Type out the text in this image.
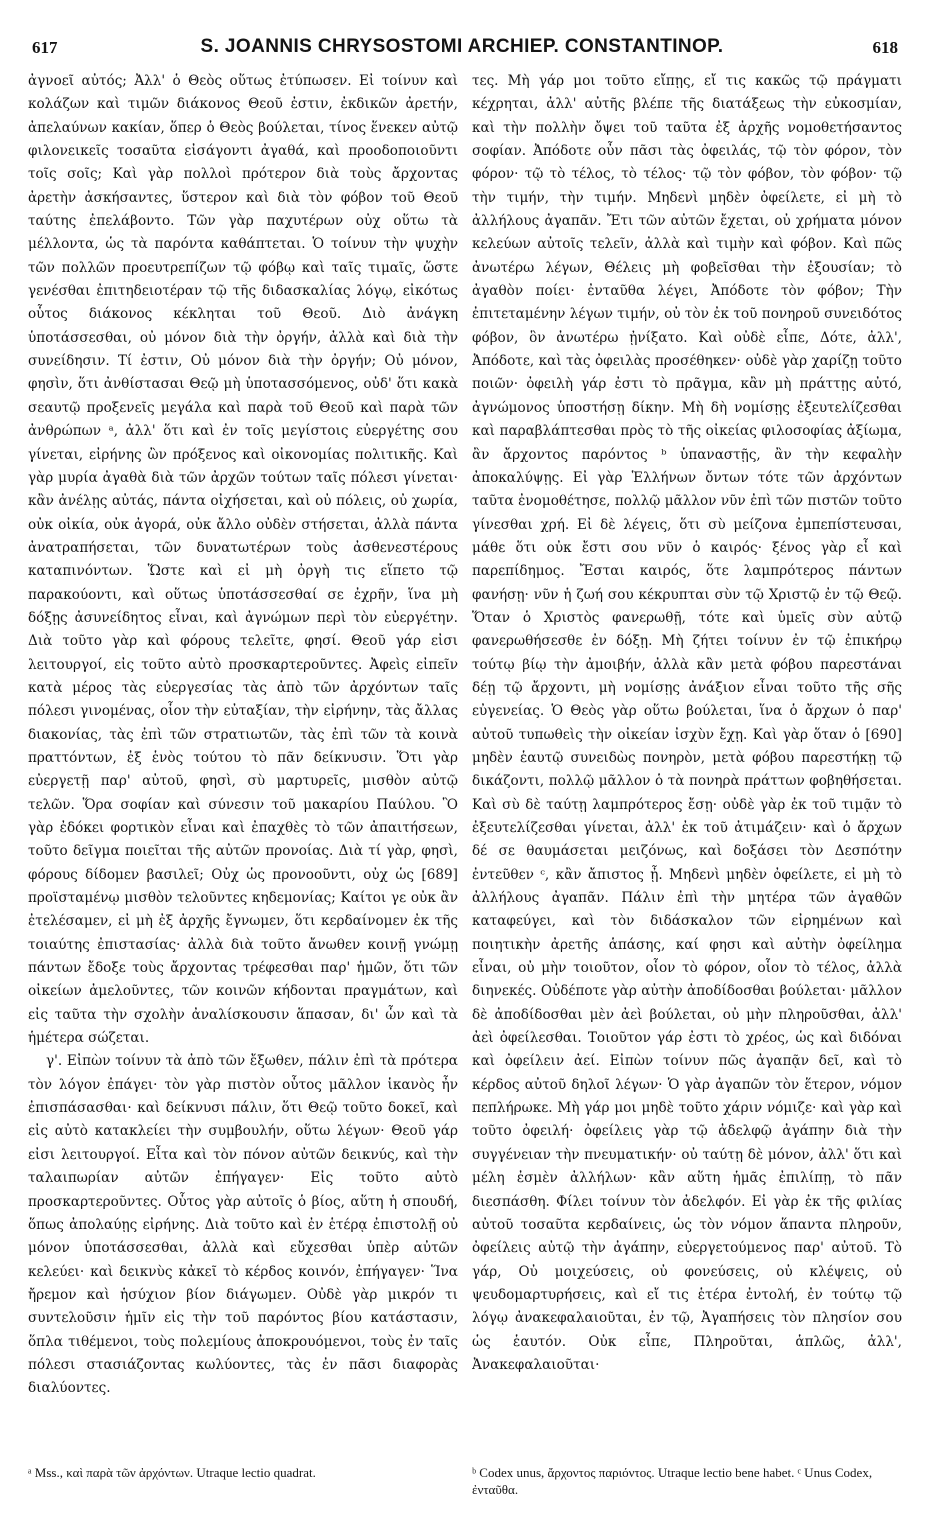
617	S. JOANNIS CHRYSOSTOMI ARCHIEP. CONSTANTINOP.	618

ἀγνοεῖ αὐτός; Ἀλλ' ὁ Θεὸς οὕτως ἐτύπωσεν. Εἰ τοίνυν καὶ κολάζων καὶ τιμῶν διάκονος Θεοῦ ἐστιν, ἐκδικῶν ἀρετήν, ἀπελαύνων κακίαν, ὅπερ ὁ Θεὸς βούλεται, τίνος ἕνεκεν αὐτῷ φιλονεικεῖς τοσαῦτα εἰσάγοντι ἀγαθά, καὶ προοδοποιοῦντι τοῖς σοῖς; Καὶ γὰρ πολλοὶ πρότερον διὰ τοὺς ἄρχοντας ἀρετὴν ἀσκήσαντες, ὕστερον καὶ διὰ τὸν φόβον τοῦ Θεοῦ ταύτης ἐπελάβοντο. Τῶν γὰρ παχυτέρων οὐχ οὕτω τὰ μέλλοντα, ὡς τὰ παρόντα καθάπτεται. Ὁ τοίνυν τὴν ψυχὴν τῶν πολλῶν προευτρεπίζων τῷ φόβῳ καὶ ταῖς τιμαῖς, ὥστε γενέσθαι ἐπιτηδειοτέραν τῷ τῆς διδασκαλίας λόγῳ, εἰκότως οὗτος διάκονος κέκληται τοῦ Θεοῦ. Διὸ ἀνάγκη ὑποτάσσεσθαι, οὐ μόνον διὰ τὴν ὀργήν, ἀλλὰ καὶ διὰ τὴν συνείδησιν. Τί ἐστιν, Οὐ μόνον διὰ τὴν ὀργήν; Οὐ μόνον, φησὶν, ὅτι ἀνθίστασαι Θεῷ μὴ ὑποτασσόμενος, οὐδ' ὅτι κακὰ σεαυτῷ προξενεῖς μεγάλα καὶ παρὰ τοῦ Θεοῦ καὶ παρὰ τῶν ἀνθρώπων ᵃ, ἀλλ' ὅτι καὶ ἐν τοῖς μεγίστοις εὐεργέτης σου γίνεται, εἰρήνης ὢν πρόξενος καὶ οἰκονομίας πολιτικῆς. Καὶ γὰρ μυρία ἀγαθὰ διὰ τῶν ἀρχῶν τούτων ταῖς πόλεσι γίνεται· κἂν ἀνέλῃς αὐτάς, πάντα οἰχήσεται, καὶ οὐ πόλεις, οὐ χωρία, οὐκ οἰκία, οὐκ ἀγορά, οὐκ ἄλλο οὐδὲν στήσεται, ἀλλὰ πάντα ἀνατραπήσεται, τῶν δυνατωτέρων τοὺς ἀσθενεστέρους καταπινόντων. Ὥστε καὶ εἰ μὴ ὀργὴ τις εἵπετο τῷ παρακούοντι, καὶ οὕτως ὑποτάσσεσθαί σε ἐχρῆν, ἵνα μὴ δόξῃς ἀσυνείδητος εἶναι, καὶ ἀγνώμων περὶ τὸν εὐεργέτην. Διὰ τοῦτο γὰρ καὶ φόρους τελεῖτε, φησί. Θεοῦ γάρ εἰσι λειτουργοί, εἰς τοῦτο αὐτὸ προσκαρτεροῦντες. Ἀφεὶς εἰπεῖν κατὰ μέρος τὰς εὐεργεσίας τὰς ἀπὸ τῶν ἀρχόντων ταῖς πόλεσι γινομένας, οἷον τὴν εὐταξίαν, τὴν εἰρήνην, τὰς ἄλλας διακονίας, τὰς ἐπὶ τῶν στρατιωτῶν, τὰς ἐπὶ τῶν τὰ κοινὰ πραττόντων, ἐξ ἑνὸς τούτου τὸ πᾶν δείκνυσιν. Ὅτι γὰρ εὐεργετῇ παρ' αὐτοῦ, φησὶ, σὺ μαρτυρεῖς, μισθὸν αὐτῷ τελῶν. Ὅρα σοφίαν καὶ σύνεσιν τοῦ μακαρίου Παύλου. Ὃ γὰρ ἐδόκει φορτικὸν εἶναι καὶ ἐπαχθὲς τὸ τῶν ἀπαιτήσεων, τοῦτο δεῖγμα ποιεῖται τῆς αὐτῶν προνοίας. Διὰ τί γὰρ, φησὶ, φόρους δίδομεν βασιλεῖ; Οὐχ ὡς προνοοῦντι, οὐχ ὡς [689] προϊσταμένῳ μισθὸν τελοῦντες κηδεμονίας; Καίτοι γε οὐκ ἂν ἐτελέσαμεν, εἰ μὴ ἐξ ἀρχῆς ἔγνωμεν, ὅτι κερδαίνομεν ἐκ τῆς τοιαύτης ἐπιστασίας· ἀλλὰ διὰ τοῦτο ἄνωθεν κοινῇ γνώμῃ πάντων ἔδοξε τοὺς ἄρχοντας τρέφεσθαι παρ' ἡμῶν, ὅτι τῶν οἰκείων ἀμελοῦντες, τῶν κοινῶν κήδονται πραγμάτων, καὶ εἰς ταῦτα τὴν σχολὴν ἀναλίσκουσιν ἅπασαν, δι' ὧν καὶ τὰ ἡμέτερα σώζεται.

γ'. Εἰπὼν τοίνυν τὰ ἀπὸ τῶν ἔξωθεν, πάλιν ἐπὶ τὰ πρότερα τὸν λόγον ἐπάγει· τὸν γὰρ πιστὸν οὗτος μᾶλλον ἱκανὸς ἦν ἐπισπάσασθαι· καὶ δείκνυσι πάλιν, ὅτι Θεῷ τοῦτο δοκεῖ, καὶ εἰς αὐτὸ κατακλείει τὴν συμβουλήν, οὕτω λέγων· Θεοῦ γάρ εἰσι λειτουργοί. Εἶτα καὶ τὸν πόνον αὐτῶν δεικνύς, καὶ τὴν ταλαιπωρίαν αὐτῶν ἐπήγαγεν· Εἰς τοῦτο αὐτὸ προσκαρτεροῦντες. Οὗτος γὰρ αὐτοῖς ὁ βίος, αὕτη ἡ σπουδή, ὅπως ἀπολαύῃς εἰρήνης. Διὰ τοῦτο καὶ ἐν ἑτέρᾳ ἐπιστολῇ οὐ μόνον ὑποτάσσεσθαι, ἀλλὰ καὶ εὔχεσθαι ὑπὲρ αὐτῶν κελεύει· καὶ δεικνὺς κἀκεῖ τὸ κέρδος κοινόν, ἐπήγαγεν· Ἵνα ἤρεμον καὶ ἡσύχιον βίον διάγωμεν. Οὐδὲ γὰρ μικρόν τι συντελοῦσιν ἡμῖν εἰς τὴν τοῦ παρόντος βίου κατάστασιν, ὅπλα τιθέμενοι, τοὺς πολεμίους ἀποκρουόμενοι, τοὺς ἐν ταῖς πόλεσι στασιάζοντας κωλύοντες, τὰς ἐν πᾶσι διαφορὰς διαλύοντες.

τες. Μὴ γάρ μοι τοῦτο εἴπῃς, εἴ τις κακῶς τῷ πράγματι κέχρηται, ἀλλ' αὐτῆς βλέπε τῆς διατάξεως τὴν εὐκοσμίαν, καὶ τὴν πολλὴν ὄψει τοῦ ταῦτα ἐξ ἀρχῆς νομοθετήσαντος σοφίαν. Ἀπόδοτε οὖν πᾶσι τὰς ὀφειλάς, τῷ τὸν φόρον, τὸν φόρον· τῷ τὸ τέλος, τὸ τέλος· τῷ τὸν φόβον, τὸν φόβον· τῷ τὴν τιμήν, τὴν τιμήν. Μηδενὶ μηδὲν ὀφείλετε, εἰ μὴ τὸ ἀλλήλους ἀγαπᾶν. Ἔτι τῶν αὐτῶν ἔχεται, οὐ χρήματα μόνον κελεύων αὐτοῖς τελεῖν, ἀλλὰ καὶ τιμὴν καὶ φόβον. Καὶ πῶς ἀνωτέρω λέγων, Θέλεις μὴ φοβεῖσθαι τὴν ἐξουσίαν; τὸ ἀγαθὸν ποίει· ἐνταῦθα λέγει, Ἀπόδοτε τὸν φόβον; Τὴν ἐπιτεταμένην λέγων τιμήν, οὐ τὸν ἐκ τοῦ πονηροῦ συνειδότος φόβον, ὃν ἀνωτέρω ᾐνίξατο. Καὶ οὐδὲ εἶπε, Δότε, ἀλλ', Ἀπόδοτε, καὶ τὰς ὀφειλὰς προσέθηκεν· οὐδὲ γὰρ χαρίζῃ τοῦτο ποιῶν· ὀφειλὴ γάρ ἐστι τὸ πρᾶγμα, κἂν μὴ πράττῃς αὐτό, ἀγνώμονος ὑποστήσῃ δίκην. Μὴ δὴ νομίσῃς ἐξευτελίζεσθαι καὶ παραβλάπτεσθαι πρὸς τὸ τῆς οἰκείας φιλοσοφίας ἀξίωμα, ἂν ἄρχοντος παρόντος ᵇ ὑπαναστῇς, ἂν τὴν κεφαλὴν ἀποκαλύψῃς. Εἰ γὰρ Ἑλλήνων ὄντων τότε τῶν ἀρχόντων ταῦτα ἐνομοθέτησε, πολλῷ μᾶλλον νῦν ἐπὶ τῶν πιστῶν τοῦτο γίνεσθαι χρή. Εἰ δὲ λέγεις, ὅτι σὺ μείζονα ἐμπεπίστευσαι, μάθε ὅτι οὐκ ἔστι σου νῦν ὁ καιρός· ξένος γὰρ εἶ καὶ παρεπίδημος. Ἔσται καιρός, ὅτε λαμπρότερος πάντων φανήσῃ· νῦν ἡ ζωή σου κέκρυπται σὺν τῷ Χριστῷ ἐν τῷ Θεῷ. Ὅταν ὁ Χριστὸς φανερωθῇ, τότε καὶ ὑμεῖς σὺν αὐτῷ φανερωθήσεσθε ἐν δόξῃ. Μὴ ζήτει τοίνυν ἐν τῷ ἐπικήρῳ τούτῳ βίῳ τὴν ἀμοιβήν, ἀλλὰ κἂν μετὰ φόβου παρεστάναι δέῃ τῷ ἄρχοντι, μὴ νομίσῃς ἀνάξιον εἶναι τοῦτο τῆς σῆς εὐγενείας. Ὁ Θεὸς γὰρ οὕτω βούλεται, ἵνα ὁ ἄρχων ὁ παρ' αὐτοῦ τυπωθεὶς τὴν οἰκείαν ἰσχὺν ἔχῃ. Καὶ γὰρ ὅταν ὁ [690] μηδὲν ἑαυτῷ συνειδὼς πονηρὸν, μετὰ φόβου παρεστήκῃ τῷ δικάζοντι, πολλῷ μᾶλλον ὁ τὰ πονηρὰ πράττων φοβηθήσεται. Καὶ σὺ δὲ ταύτῃ λαμπρότερος ἔσῃ· οὐδὲ γὰρ ἐκ τοῦ τιμᾷν τὸ ἐξευτελίζεσθαι γίνεται, ἀλλ' ἐκ τοῦ ἀτιμάζειν· καὶ ὁ ἄρχων δέ σε θαυμάσεται μειζόνως, καὶ δοξάσει τὸν Δεσπότην ἐντεῦθεν ᶜ, κἂν ἄπιστος ᾖ. Μηδενὶ μηδὲν ὀφείλετε, εἰ μὴ τὸ ἀλλήλους ἀγαπᾶν. Πάλιν ἐπὶ τὴν μητέρα τῶν ἀγαθῶν καταφεύγει, καὶ τὸν διδάσκαλον τῶν εἰρημένων καὶ ποιητικὴν ἀρετῆς ἁπάσης, καί φησι καὶ αὐτὴν ὀφείλημα εἶναι, οὐ μὴν τοιοῦτον, οἷον τὸ φόρον, οἷον τὸ τέλος, ἀλλὰ διηνεκές. Οὐδέποτε γὰρ αὐτὴν ἀποδίδοσθαι βούλεται· μᾶλλον δὲ ἀποδίδοσθαι μὲν ἀεὶ βούλεται, οὐ μὴν πληροῦσθαι, ἀλλ' ἀεὶ ὀφείλεσθαι. Τοιοῦτον γάρ ἐστι τὸ χρέος, ὡς καὶ διδόναι καὶ ὀφείλειν ἀεί. Εἰπὼν τοίνυν πῶς ἀγαπᾷν δεῖ, καὶ τὸ κέρδος αὐτοῦ δηλοῖ λέγων· Ὁ γὰρ ἀγαπῶν τὸν ἕτερον, νόμον πεπλήρωκε. Μὴ γάρ μοι μηδὲ τοῦτο χάριν νόμιζε· καὶ γὰρ καὶ τοῦτο ὀφειλή· ὀφείλεις γὰρ τῷ ἀδελφῷ ἀγάπην διὰ τὴν συγγένειαν τὴν πνευματικήν· οὐ ταύτῃ δὲ μόνον, ἀλλ' ὅτι καὶ μέλη ἐσμὲν ἀλλήλων· κἂν αὕτη ἡμᾶς ἐπιλίπῃ, τὸ πᾶν διεσπάσθη. Φίλει τοίνυν τὸν ἀδελφόν. Εἰ γὰρ ἐκ τῆς φιλίας αὐτοῦ τοσαῦτα κερδαίνεις, ὡς τὸν νόμον ἅπαντα πληροῦν, ὀφείλεις αὐτῷ τὴν ἀγάπην, εὐεργετούμενος παρ' αὐτοῦ. Τὸ γάρ, Οὐ μοιχεύσεις, οὐ φονεύσεις, οὐ κλέψεις, οὐ ψευδομαρτυρήσεις, καὶ εἴ τις ἑτέρα ἐντολή, ἐν τούτῳ τῷ λόγῳ ἀνακεφαλαιοῦται, ἐν τῷ, Ἀγαπήσεις τὸν πλησίον σου ὡς ἑαυτόν. Οὐκ εἶπε, Πληροῦται, ἁπλῶς, ἀλλ', Ἀνακεφαλαιοῦται·

ᵃ Mss., καὶ παρὰ τῶν ἀρχόντων. Utraque lectio quadrat.	ᵇ Codex unus, ἄρχοντος παριόντος. Utraque lectio bene habet. ᶜ Unus Codex, ἐνταῦθα.
